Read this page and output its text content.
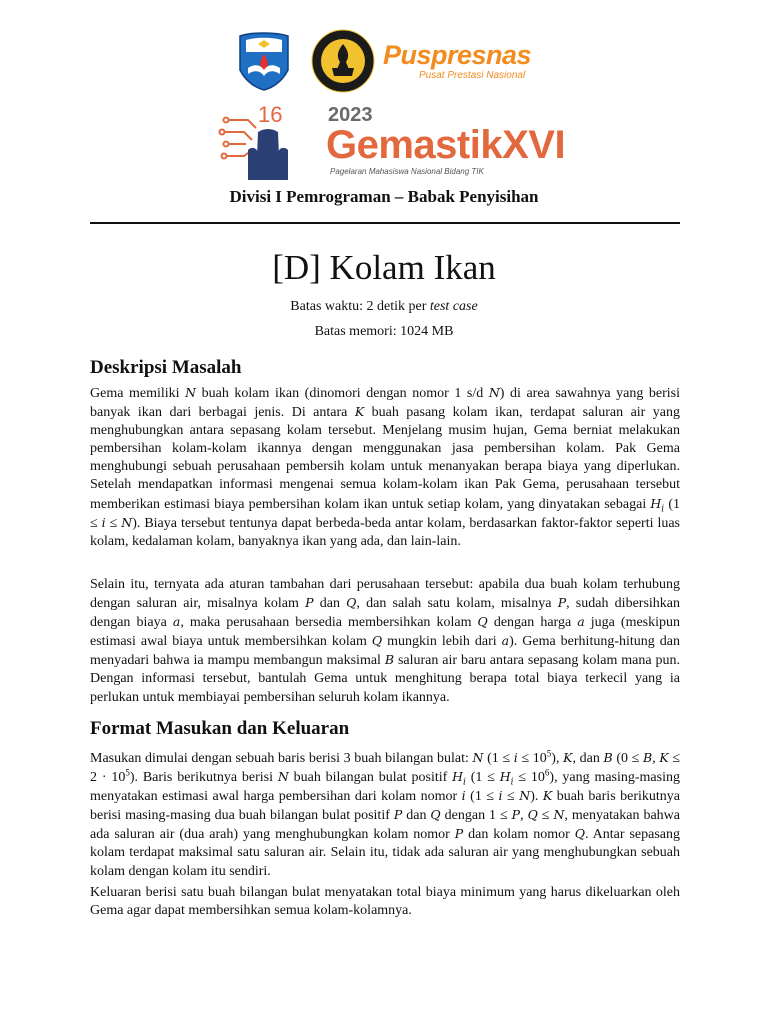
Puspresnas
Pusat Prestasi Nasional
16 2023
GemastikXVI
Pagelaran Mahasiswa Nasional Bidang TIK
Divisi I Pemrograman – Babak Penyisihan
[D] Kolam Ikan
Batas waktu: 2 detik per test case
Batas memori: 1024 MB
Deskripsi Masalah
Gema memiliki N buah kolam ikan (dinomori dengan nomor 1 s/d N) di area sawahnya yang berisi banyak ikan dari berbagai jenis. Di antara K buah pasang kolam ikan, terdapat saluran air yang menghubungkan antara sepasang kolam tersebut. Menjelang musim hujan, Gema berniat melakukan pembersihan kolam-kolam ikannya dengan menggunakan jasa pembersihan kolam. Pak Gema menghubungi sebuah perusahaan pembersih kolam untuk menanyakan berapa biaya yang diperlukan. Setelah mendapatkan informasi mengenai semua kolam-kolam ikan Pak Gema, perusahaan tersebut memberikan estimasi biaya pembersihan kolam ikan untuk setiap kolam, yang dinyatakan sebagai $H_i$ (1 ≤ i ≤ N). Biaya tersebut tentunya dapat berbeda-beda antar kolam, berdasarkan faktor-faktor seperti luas kolam, kedalaman kolam, banyaknya ikan yang ada, dan lain-lain.
Selain itu, ternyata ada aturan tambahan dari perusahaan tersebut: apabila dua buah kolam terhubung dengan saluran air, misalnya kolam P dan Q, dan salah satu kolam, misalnya P, sudah dibersihkan dengan biaya a, maka perusahaan bersedia membersihkan kolam Q dengan harga a juga (meskipun estimasi awal biaya untuk membersihkan kolam Q mungkin lebih dari a). Gema berhitung-hitung dan menyadari bahwa ia mampu membangun maksimal B saluran air baru antara sepasang kolam mana pun. Dengan informasi tersebut, bantulah Gema untuk menghitung berapa total biaya terkecil yang ia perlukan untuk membiayai pembersihan seluruh kolam ikannya.
Format Masukan dan Keluaran
Masukan dimulai dengan sebuah baris berisi 3 buah bilangan bulat: N $(1 \le i \le 10^5)$, K, dan B (0 ≤ B, $K \le 2 \cdot 10^5$). Baris berikutnya berisi N buah bilangan bulat positif $H_i$ $(1 \le H_i \le 10^6)$, yang masing-masing menyatakan estimasi awal harga pembersihan dari kolam nomor i (1 ≤ i ≤ N). K buah baris berikutnya berisi masing-masing dua buah bilangan bulat positif P dan Q dengan 1 ≤ P, Q ≤ N, menyatakan bahwa ada saluran air (dua arah) yang menghubungkan kolam nomor P dan kolam nomor Q. Antar sepasang kolam terdapat maksimal satu saluran air. Selain itu, tidak ada saluran air yang menghubungkan sebuah kolam dengan kolam itu sendiri.
Keluaran berisi satu buah bilangan bulat menyatakan total biaya minimum yang harus dikeluarkan oleh Gema agar dapat membersihkan semua kolam-kolamnya.
